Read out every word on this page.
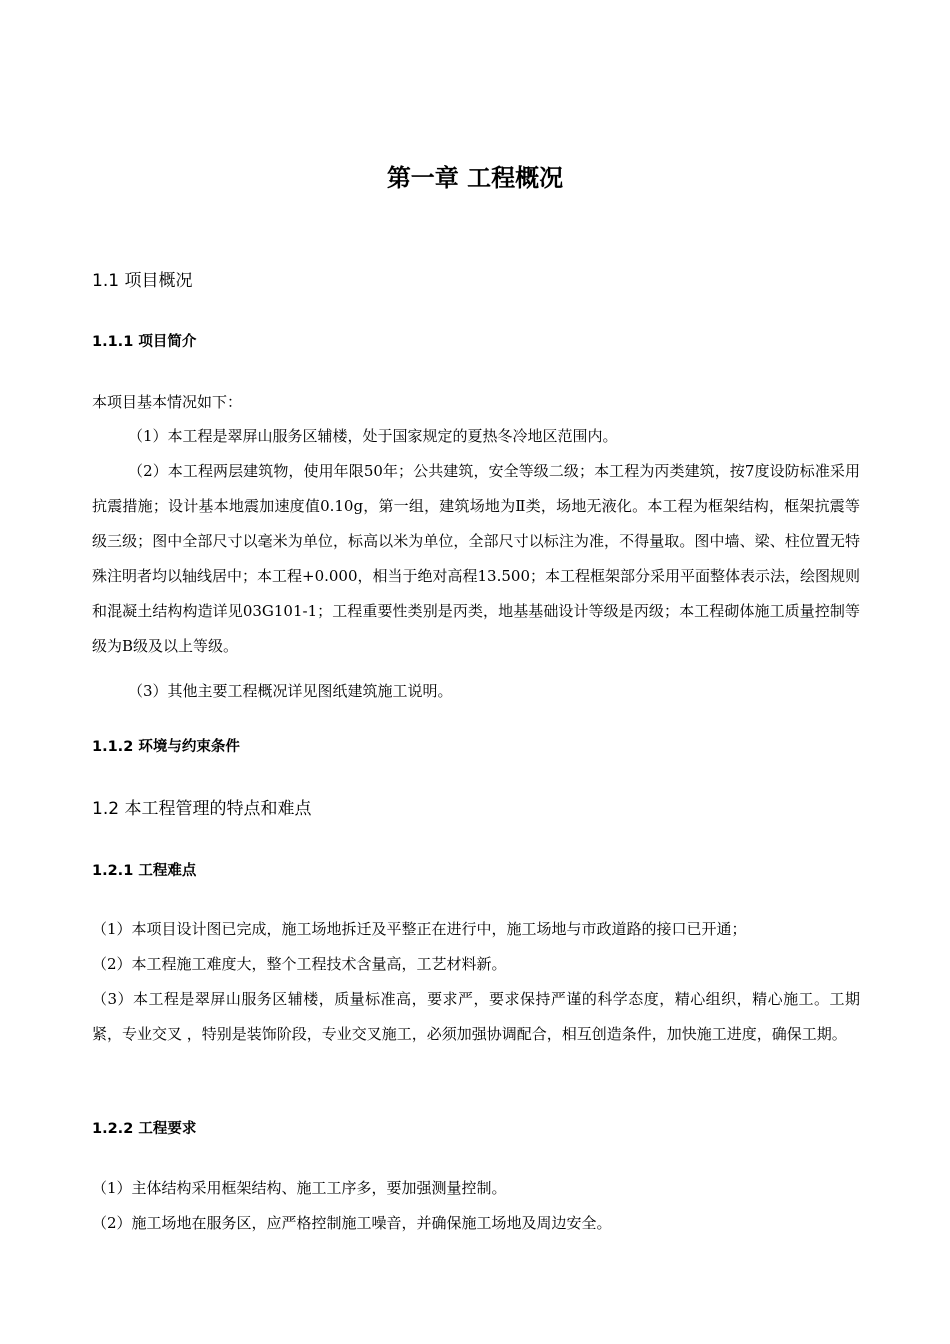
第一章 工程概况
1.1 项目概况
1.1.1 项目简介
本项目基本情况如下：
（1）本工程是翠屏山服务区辅楼，处于国家规定的夏热冬冷地区范围内。
（2）本工程两层建筑物，使用年限50年；公共建筑，安全等级二级；本工程为丙类建筑，按7度设防标准采用抗震措施；设计基本地震加速度值0.10g，第一组，建筑场地为Ⅱ类，场地无液化。本工程为框架结构，框架抗震等级三级；图中全部尺寸以毫米为单位，标高以米为单位，全部尺寸以标注为准，不得量取。图中墙、梁、柱位置无特殊注明者均以轴线居中；本工程+0.000，相当于绝对高程13.500；本工程框架部分采用平面整体表示法，绘图规则和混凝土结构构造详见03G101-1；工程重要性类别是丙类，地基基础设计等级是丙级；本工程砌体施工质量控制等级为B级及以上等级。
（3）其他主要工程概况详见图纸建筑施工说明。
1.1.2 环境与约束条件
1.2 本工程管理的特点和难点
1.2.1 工程难点
（1）本项目设计图已完成，施工场地拆迁及平整正在进行中，施工场地与市政道路的接口已开通；
（2）本工程施工难度大，整个工程技术含量高，工艺材料新。
（3）本工程是翠屏山服务区辅楼，质量标准高，要求严，要求保持严谨的科学态度，精心组织，精心施工。工期紧，专业交叉 ，特别是装饰阶段，专业交叉施工，必须加强协调配合，相互创造条件，加快施工进度，确保工期。
1.2.2 工程要求
（1）主体结构采用框架结构、施工工序多，要加强测量控制。
（2）施工场地在服务区，应严格控制施工噪音，并确保施工场地及周边安全。
